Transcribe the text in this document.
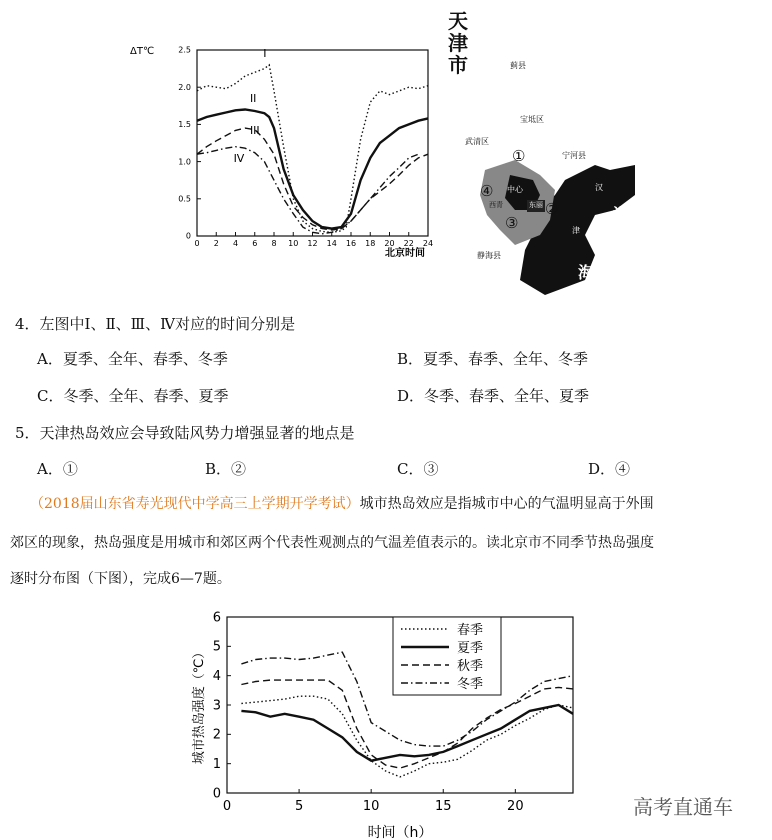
0 2 4 6 8 10 12 14 16 18 20 22 24
0
0.5
1.0
1.5
2.0
2.5
ΔT℃
北京时间
I
II
III
IV
天津市	蓟县
宝坻区
武清区
宁河县
中心
东丽
西青
静海县
汉
津
渤
海
①
②
③
④
4．左图中Ⅰ、Ⅱ、Ⅲ、Ⅳ对应的时间分别是
A．夏季、全年、春季、冬季	B．夏季、春季、全年、冬季
C．冬季、全年、春季、夏季	D．冬季、春季、全年、夏季
5．天津热岛效应会导致陆风势力增强显著的地点是
A．①	B．②	C．③	D．④
（2018届山东省寿光现代中学高三上学期开学考试）城市热岛效应是指城市中心的气温明显高于外围
郊区的现象，热岛强度是用城市和郊区两个代表性观测点的气温差值表示的。读北京市不同季节热岛强度
逐时分布图（下图），完成6—7题。
0	5	10	15	20
0
1
2
3
4
5
6
城市热岛强度（℃）
时间（h）
春季
夏季
秋季
冬季
高考直通车
